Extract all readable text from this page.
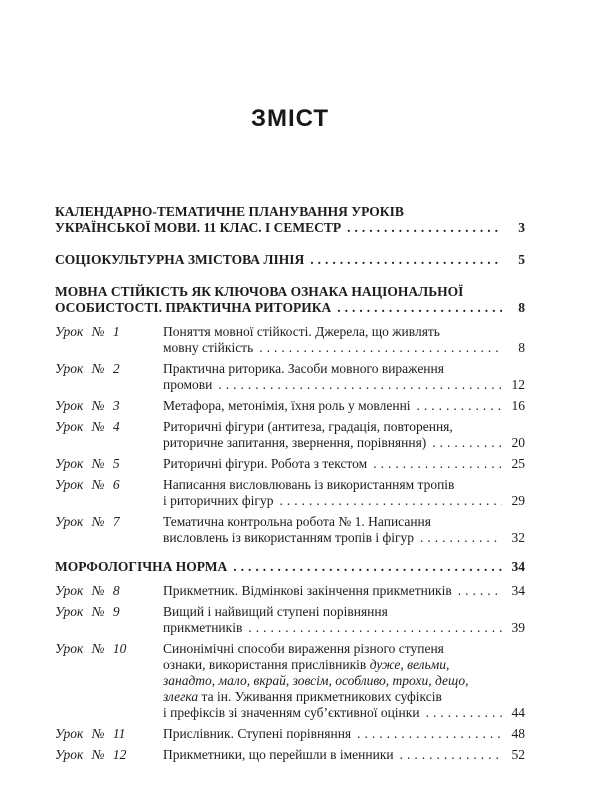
ЗМІСТ
КАЛЕНДАРНО-ТЕМАТИЧНЕ ПЛАНУВАННЯ УРОКІВ
УКРАЇНСЬКОЇ МОВИ. 11 КЛАС. І СЕМЕСТР .....	3
СОЦІОКУЛЬТУРНА ЗМІСТОВА ЛІНІЯ .....	5
МОВНА СТІЙКІСТЬ ЯК КЛЮЧОВА ОЗНАКА НАЦІОНАЛЬНОЇ
ОСОБИСТОСТІ. ПРАКТИЧНА РИТОРИКА .....	8
Урок № 1	Поняття мовної стійкості. Джерела, що живлять
мовну стійкість .....	8
Урок № 2	Практична риторика. Засоби мовного вираження
промови .....	12
Урок № 3	Метафора, метонімія, їхня роль у мовленні .....	16
Урок № 4	Риторичні фігури (антитеза, градація, повторення,
риторичне запитання, звернення, порівняння) .....	20
Урок № 5	Риторичні фігури. Робота з текстом .....	25
Урок № 6	Написання висловлювань із використанням тропів
і риторичних фігур .....	29
Урок № 7	Тематична контрольна робота № 1. Написання
висловлень із використанням тропів і фігур .....	32
МОРФОЛОГІЧНА НОРМА .....	34
Урок № 8	Прикметник. Відмінкові закінчення прикметників .....	34
Урок № 9	Вищий і найвищий ступені порівняння
прикметників .....	39
Урок № 10	Синонімічні способи вираження різного ступеня
ознаки, використання прислівників дуже, вельми,
занадто, мало, вкрай, зовсім, особливо, трохи, дещо,
злегка та ін. Уживання прикметникових суфіксів
і префіксів зі значенням суб’єктивної оцінки .....	44
Урок № 11	Прислівник. Ступені порівняння .....	48
Урок № 12	Прикметники, що перейшли в іменники .....	52
